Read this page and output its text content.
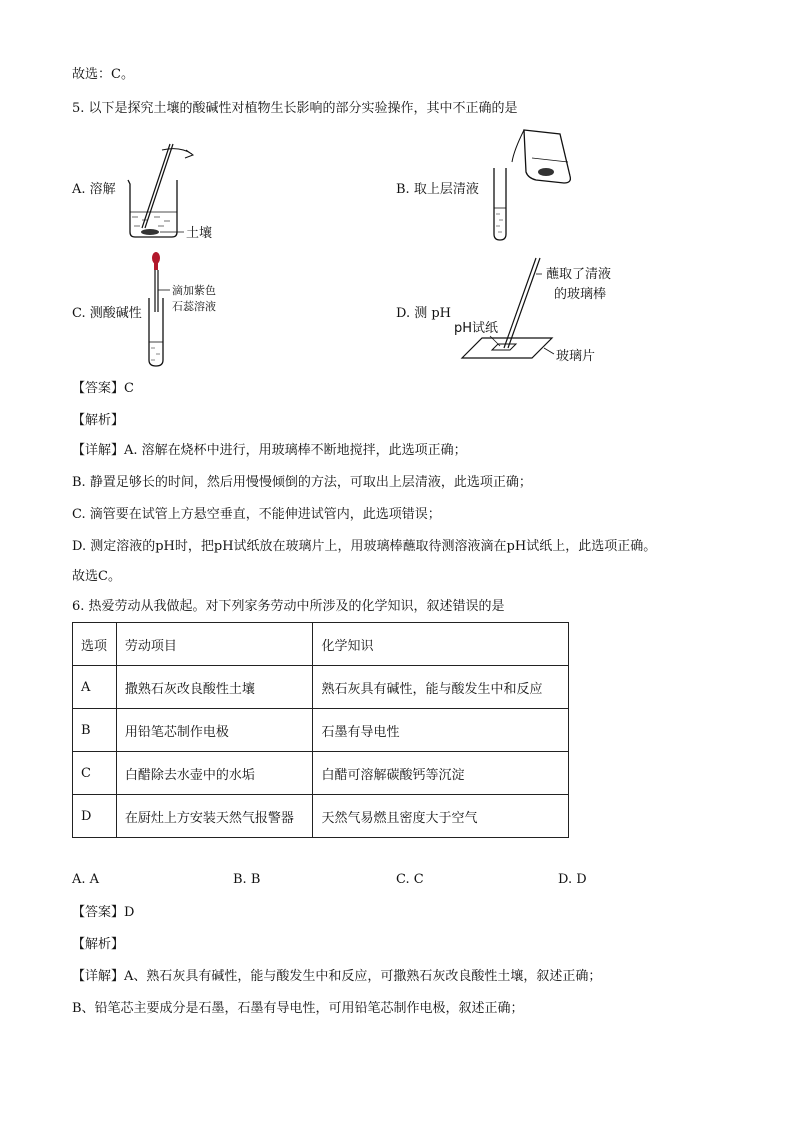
故选：C。
5. 以下是探究土壤的酸碱性对植物生长影响的部分实验操作，其中不正确的是
A. 溶解
土壤
B. 取上层清液
C. 测酸碱性
滴加紫色
石蕊溶液	D. 测 pH
蘸取了清液
的玻璃棒
pH试纸
玻璃片
【答案】C
【解析】
【详解】A. 溶解在烧杯中进行，用玻璃棒不断地搅拌，此选项正确；
B. 静置足够长的时间，然后用慢慢倾倒的方法，可取出上层清液，此选项正确；
C. 滴管要在试管上方悬空垂直，不能伸进试管内，此选项错误；
D. 测定溶液的pH时，把pH试纸放在玻璃片上，用玻璃棒蘸取待测溶液滴在pH试纸上，此选项正确。
故选C。
6. 热爱劳动从我做起。对下列家务劳动中所涉及的化学知识，叙述错误的是
选项	劳动项目	化学知识
A	撒熟石灰改良酸性土壤	熟石灰具有碱性，能与酸发生中和反应
B	用铅笔芯制作电极	石墨有导电性
C	白醋除去水壶中的水垢	白醋可溶解碳酸钙等沉淀
D	在厨灶上方安装天然气报警器	天然气易燃且密度大于空气
A. A	B. B	C. C	D. D
【答案】D
【解析】
【详解】A、熟石灰具有碱性，能与酸发生中和反应，可撒熟石灰改良酸性土壤，叙述正确；
B、铅笔芯主要成分是石墨，石墨有导电性，可用铅笔芯制作电极，叙述正确；
